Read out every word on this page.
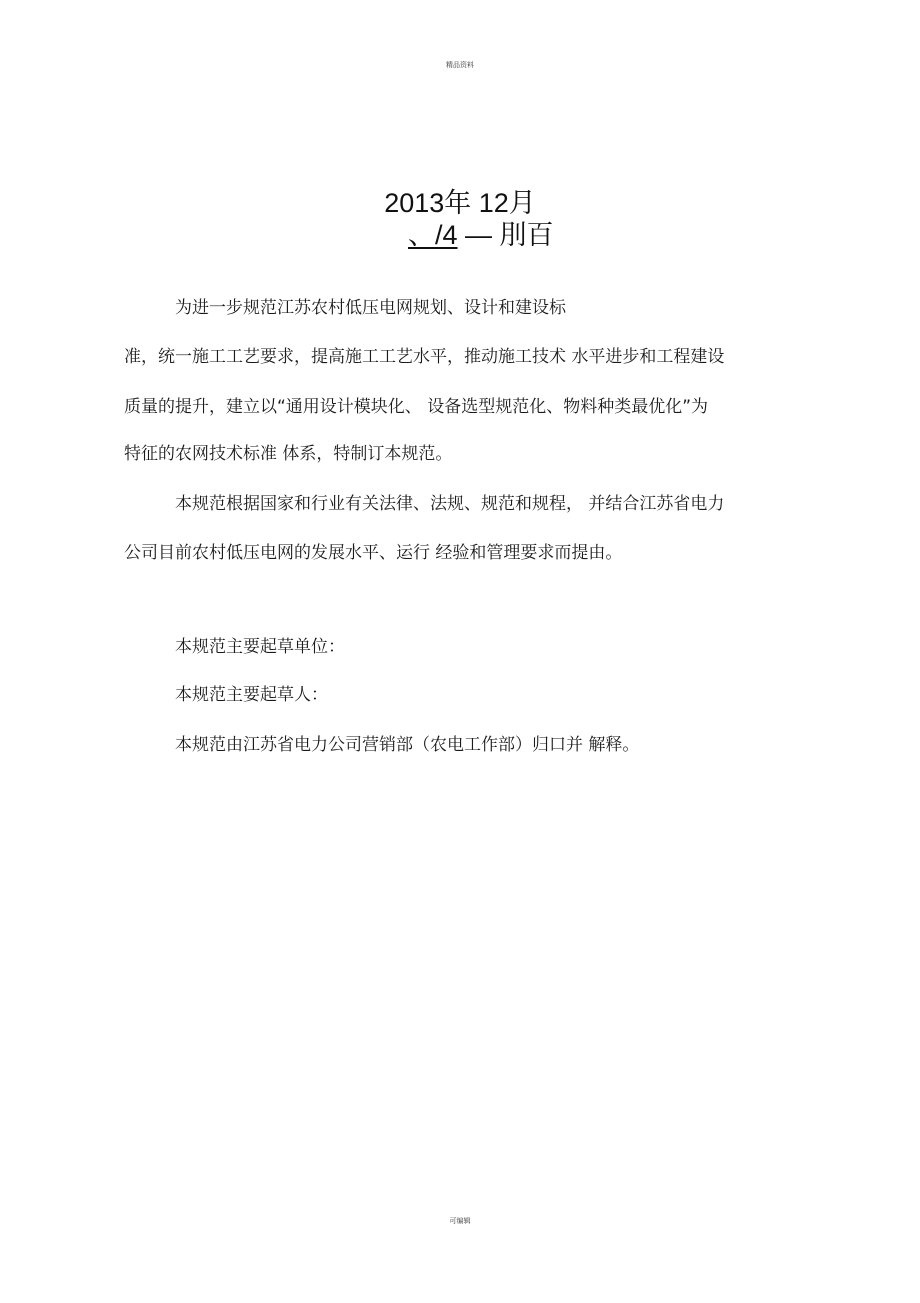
精品资料
2013年 12月
、/4 — 刖百
为进一步规范江苏农村低压电网规划、设计和建设标
准，统一施工工艺要求，提高施工工艺水平，推动施工技术 水平进步和工程建设
质量的提升，建立以“通用设计模块化、 设备选型规范化、物料种类最优化”为
特征的农网技术标准 体系，特制订本规范。
本规范根据国家和行业有关法律、法规、规范和规程， 并结合江苏省电力
公司目前农村低压电网的发展水平、运行 经验和管理要求而提由。
本规范主要起草单位：
本规范主要起草人：
本规范由江苏省电力公司营销部（农电工作部）归口并 解释。
可编辑
